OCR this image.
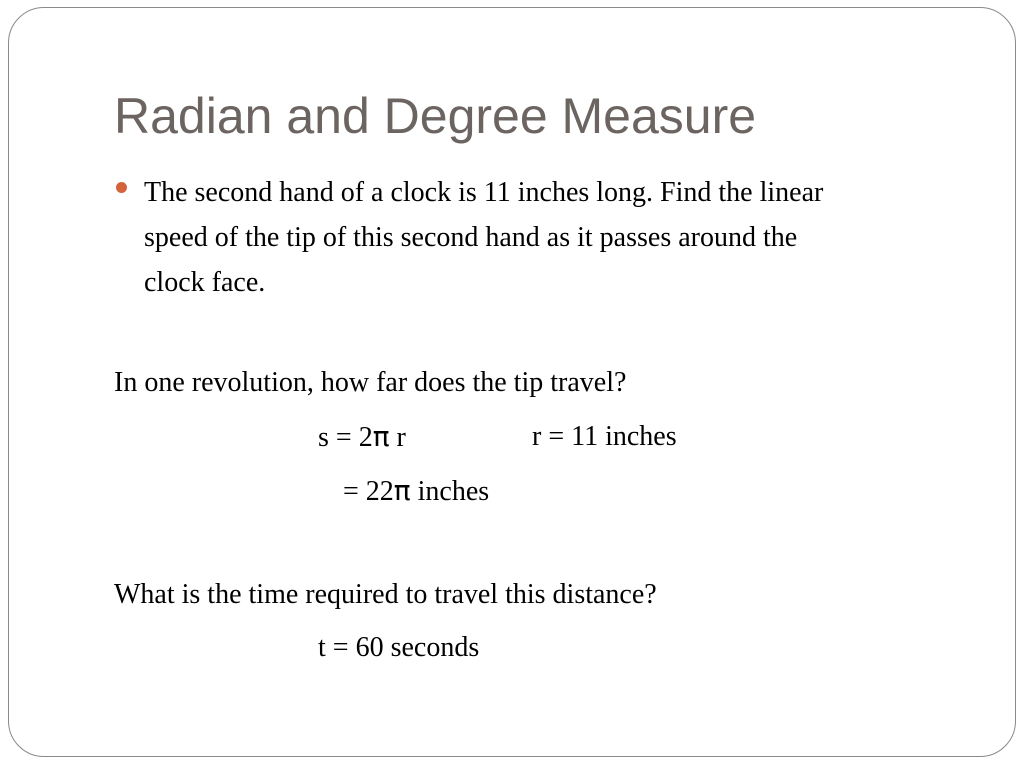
Radian and Degree Measure
The second hand of a clock is 11 inches long. Find the linear
speed of the tip of this second hand as it passes around the
clock face.
In one revolution, how far does the tip travel?
s = 2π r	r = 11 inches
= 22π inches
What is the time required to travel this distance?
t = 60 seconds
